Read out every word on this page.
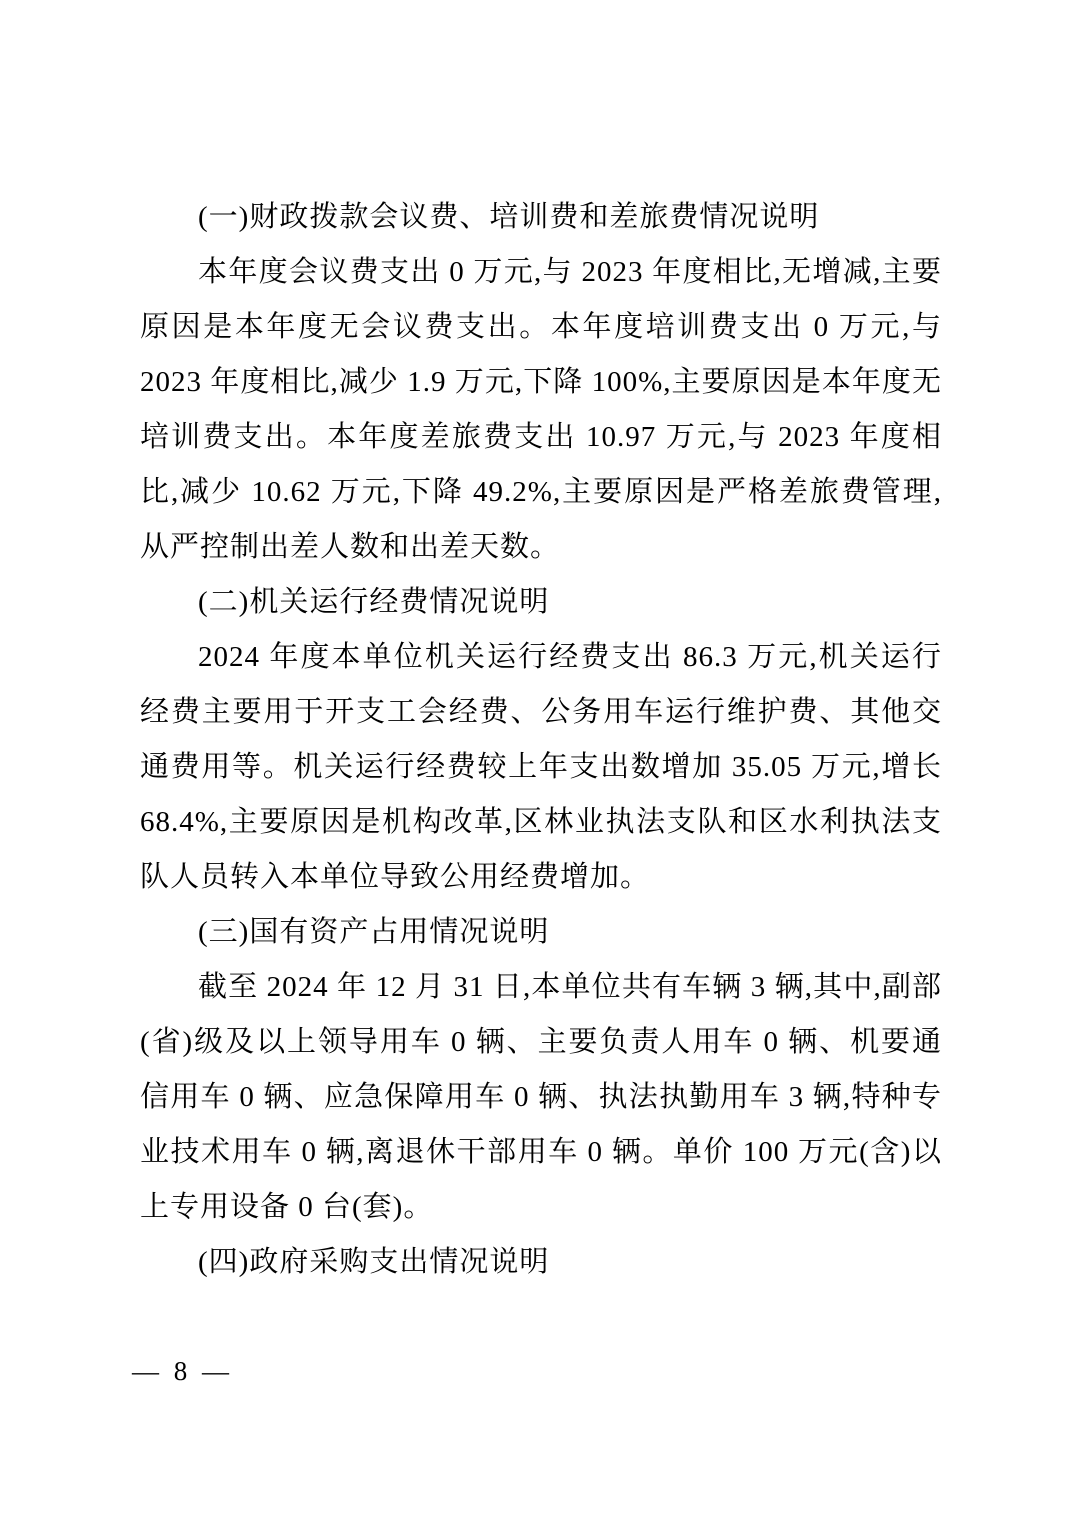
(一)财政拨款会议费、培训费和差旅费情况说明

本年度会议费支出 0 万元,与 2023 年度相比,无增减,主要原因是本年度无会议费支出。本年度培训费支出 0 万元,与 2023 年度相比,减少 1.9 万元,下降 100%,主要原因是本年度无培训费支出。本年度差旅费支出 10.97 万元,与 2023 年度相比,减少 10.62 万元,下降 49.2%,主要原因是严格差旅费管理,从严控制出差人数和出差天数。

(二)机关运行经费情况说明

2024 年度本单位机关运行经费支出 86.3 万元,机关运行经费主要用于开支工会经费、公务用车运行维护费、其他交通费用等。机关运行经费较上年支出数增加 35.05 万元,增长 68.4%,主要原因是机构改革,区林业执法支队和区水利执法支队人员转入本单位导致公用经费增加。

(三)国有资产占用情况说明

截至 2024 年 12 月 31 日,本单位共有车辆 3 辆,其中,副部(省)级及以上领导用车 0 辆、主要负责人用车 0 辆、机要通信用车 0 辆、应急保障用车 0 辆、执法执勤用车 3 辆,特种专业技术用车 0 辆,离退休干部用车 0 辆。单价 100 万元(含)以上专用设备 0 台(套)。

(四)政府采购支出情况说明

— 8 —
